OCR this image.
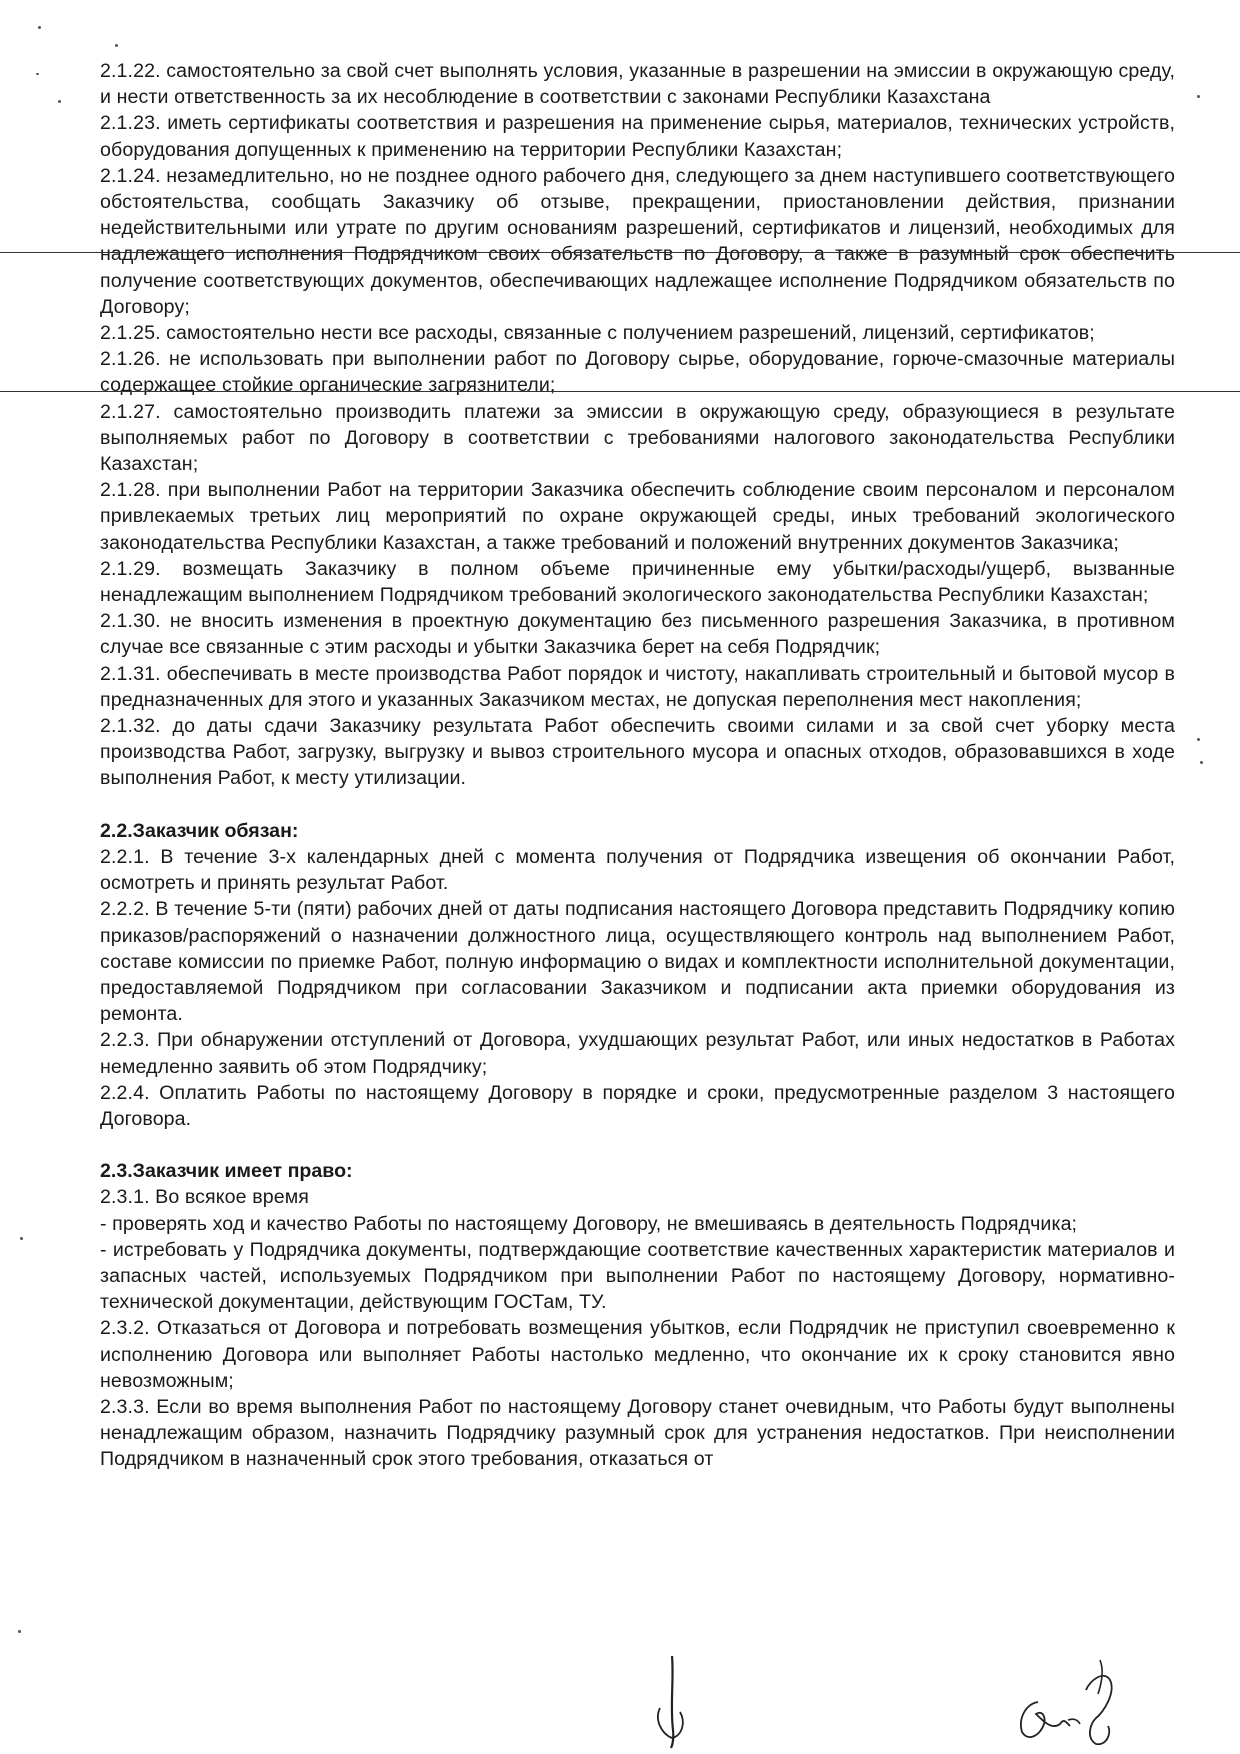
2.1.22. самостоятельно за свой счет выполнять условия, указанные в разрешении на эмиссии в окружающую среду, и нести ответственность за их несоблюдение в соответствии с законами Республики Казахстана

2.1.23. иметь сертификаты соответствия и разрешения на применение сырья, материалов, технических устройств, оборудования допущенных к применению на территории Республики Казахстан;

2.1.24. незамедлительно, но не позднее одного рабочего дня, следующего за днем наступившего соответствующего обстоятельства, сообщать Заказчику об отзыве, прекращении, приостановлении действия, признании недействительными или утрате по другим основаниям разрешений, сертификатов и лицензий, необходимых для надлежащего исполнения Подрядчиком своих обязательств по Договору, а также в разумный срок обеспечить получение соответствующих документов, обеспечивающих надлежащее исполнение Подрядчиком обязательств по Договору;

2.1.25. самостоятельно нести все расходы, связанные с получением разрешений, лицензий, сертификатов;

2.1.26. не использовать при выполнении работ по Договору сырье, оборудование, горюче-смазочные материалы содержащее стойкие органические загрязнители;

2.1.27. самостоятельно производить платежи за эмиссии в окружающую среду, образующиеся в результате выполняемых работ по Договору в соответствии с требованиями налогового законодательства Республики Казахстан;

2.1.28. при выполнении Работ на территории Заказчика обеспечить соблюдение своим персоналом и персоналом привлекаемых третьих лиц мероприятий по охране окружающей среды, иных требований экологического законодательства Республики Казахстан, а также требований и положений внутренних документов Заказчика;

2.1.29. возмещать Заказчику в полном объеме причиненные ему убытки/расходы/ущерб, вызванные ненадлежащим выполнением Подрядчиком требований экологического законодательства Республики Казахстан;

2.1.30. не вносить изменения в проектную документацию без письменного разрешения Заказчика, в противном случае все связанные с этим расходы и убытки Заказчика берет на себя Подрядчик;

2.1.31. обеспечивать в месте производства Работ порядок и чистоту, накапливать строительный и бытовой мусор в предназначенных для этого и указанных Заказчиком местах, не допуская переполнения мест накопления;

2.1.32. до даты сдачи Заказчику результата Работ обеспечить своими силами и за свой счет уборку места производства Работ, загрузку, выгрузку и вывоз строительного мусора и опасных отходов, образовавшихся в ходе выполнения Работ, к месту утилизации.

2.2.Заказчик обязан:

2.2.1. В течение 3-х календарных дней с момента получения от Подрядчика извещения об окончании Работ, осмотреть и принять результат Работ.

2.2.2. В течение 5-ти (пяти) рабочих дней от даты подписания настоящего Договора представить Подрядчику копию приказов/распоряжений о назначении должностного лица, осуществляющего контроль над выполнением Работ, составе комиссии по приемке Работ, полную информацию о видах и комплектности исполнительной документации, предоставляемой Подрядчиком при согласовании Заказчиком и подписании акта приемки оборудования из ремонта.

2.2.3. При обнаружении отступлений от Договора, ухудшающих результат Работ, или иных недостатков в Работах немедленно заявить об этом Подрядчику;

2.2.4. Оплатить Работы по настоящему Договору в порядке и сроки, предусмотренные разделом 3 настоящего Договора.

2.3.Заказчик имеет право:

2.3.1. Во всякое время

- проверять ход и качество Работы по настоящему Договору, не вмешиваясь в деятельность Подрядчика;

- истребовать у Подрядчика документы, подтверждающие соответствие качественных характеристик материалов и запасных частей, используемых Подрядчиком при выполнении Работ по настоящему Договору, нормативно-технической документации, действующим ГОСТам, ТУ.

2.3.2. Отказаться от Договора и потребовать возмещения убытков, если Подрядчик не приступил своевременно к исполнению Договора или выполняет Работы настолько медленно, что окончание их к сроку становится явно невозможным;

2.3.3. Если во время выполнения Работ по настоящему Договору станет очевидным, что Работы будут выполнены ненадлежащим образом, назначить Подрядчику разумный срок для устранения недостатков. При неисполнении Подрядчиком в назначенный срок этого требования, отказаться от
